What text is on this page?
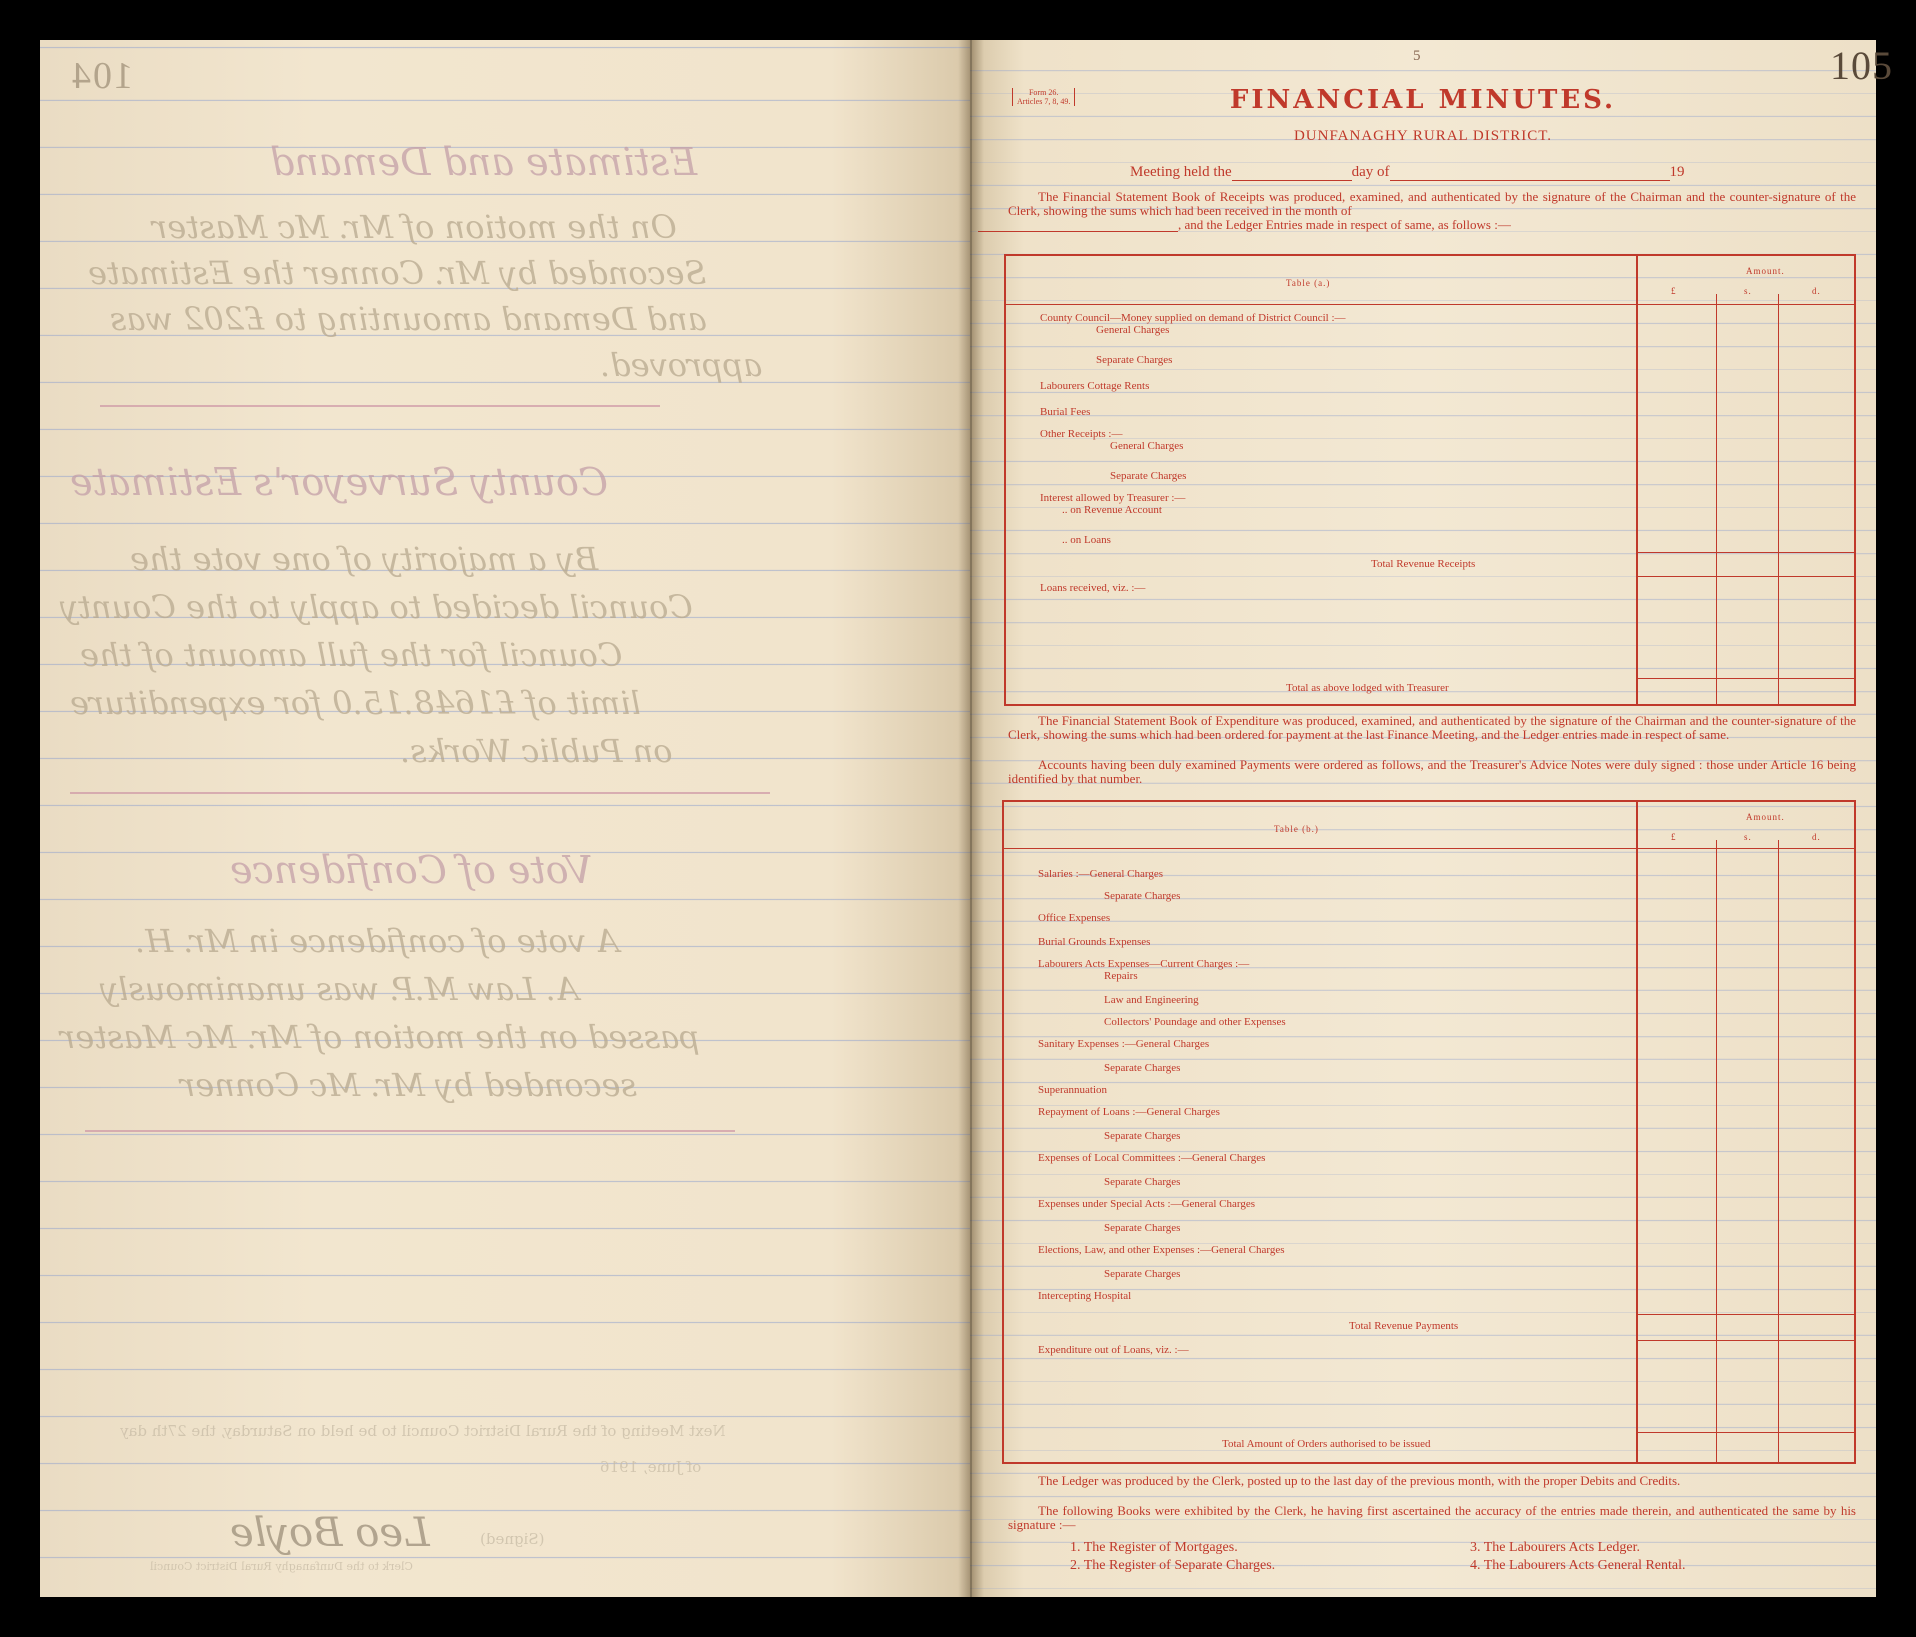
104
Estimate and Demand
On the motion of Mr. Mc Master
Seconded by Mr. Conner the Estimate
and Demand amounting to £202 was
approved.
County Surveyor's Estimate
By a majority of one vote the
Council decided to apply to the County
Council for the full amount of the
limit of £1648.15.0 for expenditure
on Public Works.
Vote of Confidence
A vote of confidence in Mr. H.
A. Law M.P. was unanimously
passed on the motion of Mr. Mc Master
seconded by Mr. Mc Conner
Next Meeting of the Rural District Council to be held on Saturday, the 27th day
of June, 1916
Leo Boyle	(Signed)
Clerk to the Dunfanaghy Rural District Council
5	105
Form 26.
Articles 7, 8, 49.	FINANCIAL MINUTES.
DUNFANAGHY RURAL DISTRICT.
Meeting held the	day of	19
The Financial Statement Book of Receipts was produced, examined, and authenticated by the signature of the Chairman and the counter-signature of the Clerk, showing the sums which had been received in the month of
, and the Ledger Entries made in respect of same, as follows :—
Table (a.)
Amount.
£	s.	d.
County Council—Money supplied on demand of District Council :—
General Charges
Separate Charges
Labourers Cottage Rents
Burial Fees
Other Receipts :—
General Charges
Separate Charges
Interest allowed by Treasurer :—
.. on Revenue Account
.. on Loans
Total Revenue Receipts
Loans received, viz. :—
Total as above lodged with Treasurer
The Financial Statement Book of Expenditure was produced, examined, and authenticated by the signature of the Chairman and the counter-signature of the Clerk, showing the sums which had been ordered for payment at the last Finance Meeting, and the Ledger entries made in respect of same.
Accounts having been duly examined Payments were ordered as follows, and the Treasurer's Advice Notes were duly signed : those under Article 16 being identified by that number.
Table (b.)
Amount.
£	s.	d.
Salaries :—General Charges
Separate Charges
Office Expenses
Burial Grounds Expenses
Labourers Acts Expenses—Current Charges :—
Repairs
Law and Engineering
Collectors' Poundage and other Expenses
Sanitary Expenses :—General Charges
Separate Charges
Superannuation
Repayment of Loans :—General Charges
Separate Charges
Expenses of Local Committees :—General Charges
Separate Charges
Expenses under Special Acts :—General Charges
Separate Charges
Elections, Law, and other Expenses :—General Charges
Separate Charges
Intercepting Hospital
Total Revenue Payments
Expenditure out of Loans, viz. :—
Total Amount of Orders authorised to be issued
The Ledger was produced by the Clerk, posted up to the last day of the previous month, with the proper Debits and Credits.
The following Books were exhibited by the Clerk, he having first ascertained the accuracy of the entries made therein, and authenticated the same by his signature :—
1. The Register of Mortgages.
2. The Register of Separate Charges.
3. The Labourers Acts Ledger.
4. The Labourers Acts General Rental.
